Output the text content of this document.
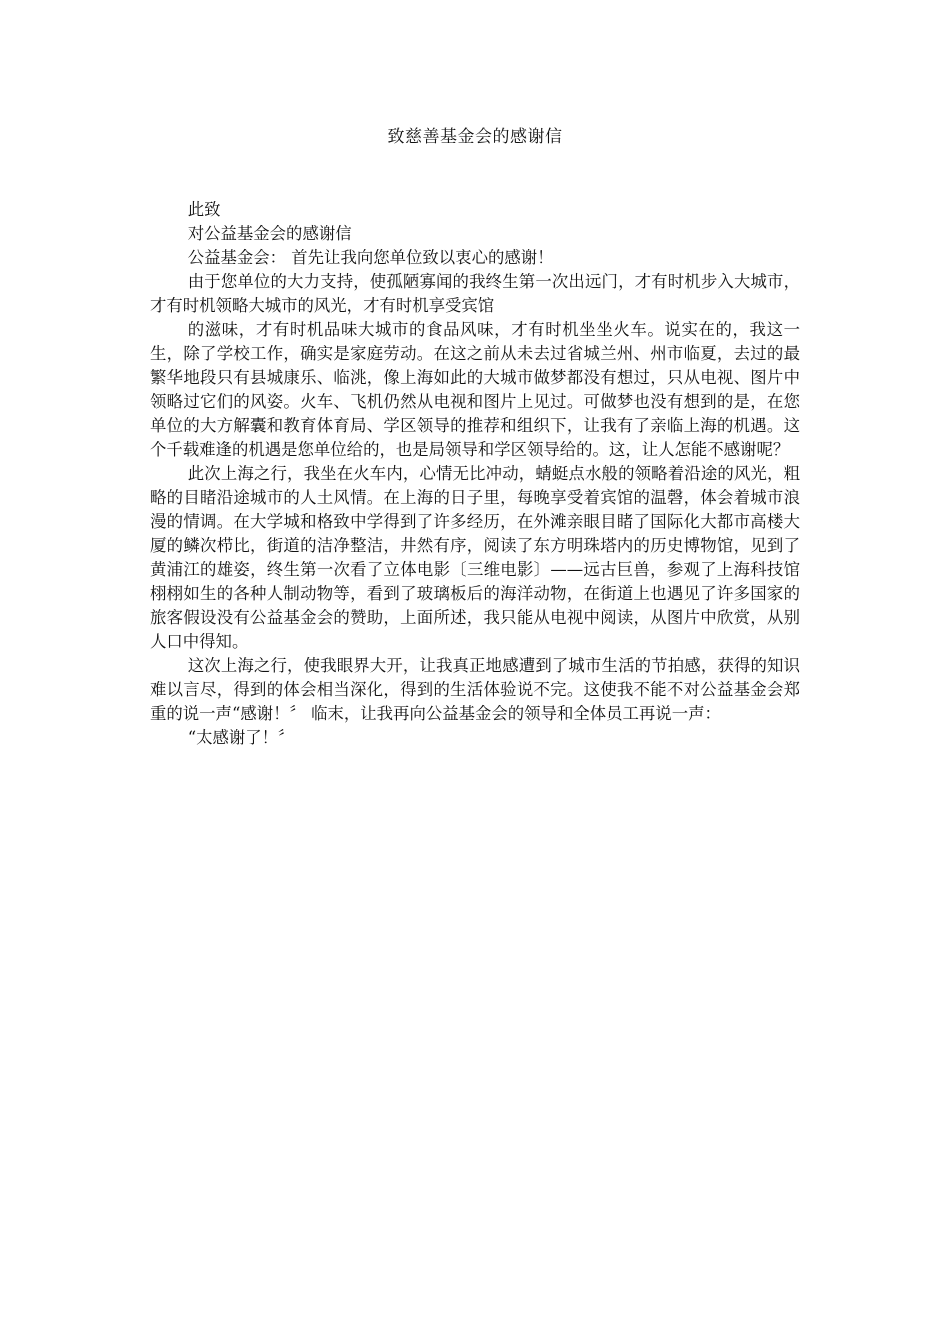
致慈善基金会的感谢信

此致

对公益基金会的感谢信

公益基金会： 首先让我向您单位致以衷心的感谢！

由于您单位的大力支持，使孤陋寡闻的我终生第一次出远门，才有时机步入大城市，才有时机领略大城市的风光，才有时机享受宾馆

的滋味，才有时机品味大城市的食品风味，才有时机坐坐火车。说实在的，我这一生，除了学校工作，确实是家庭劳动。在这之前从未去过省城兰州、州市临夏，去过的最繁华地段只有县城康乐、临洮，像上海如此的大城市做梦都没有想过，只从电视、图片中领略过它们的风姿。火车、飞机仍然从电视和图片上见过。可做梦也没有想到的是，在您单位的大方解囊和教育体育局、学区领导的推荐和组织下，让我有了亲临上海的机遇。这个千载难逢的机遇是您单位给的，也是局领导和学区领导给的。这，让人怎能不感谢呢？

此次上海之行，我坐在火车内，心情无比冲动，蜻蜓点水般的领略着沿途的风光，粗略的目睹沿途城市的人土风情。在上海的日子里，每晚享受着宾馆的温磬，体会着城市浪漫的情调。在大学城和格致中学得到了许多经历，在外滩亲眼目睹了国际化大都市高楼大厦的鳞次栉比，街道的洁净整洁，井然有序，阅读了东方明珠塔内的历史博物馆，见到了黄浦江的雄姿，终生第一次看了立体电影〔三维电影〕——远古巨兽，参观了上海科技馆栩栩如生的各种人制动物等，看到了玻璃板后的海洋动物，在街道上也遇见了许多国家的旅客假设没有公益基金会的赞助，上面所述，我只能从电视中阅读，从图片中欣赏，从别人口中得知。

这次上海之行，使我眼界大开，让我真正地感遭到了城市生活的节拍感，获得的知识难以言尽，得到的体会相当深化，得到的生活体验说不完。这使我不能不对公益基金会郑重的说一声“感谢！〞 临末，让我再向公益基金会的领导和全体员工再说一声：

“太感谢了！〞
